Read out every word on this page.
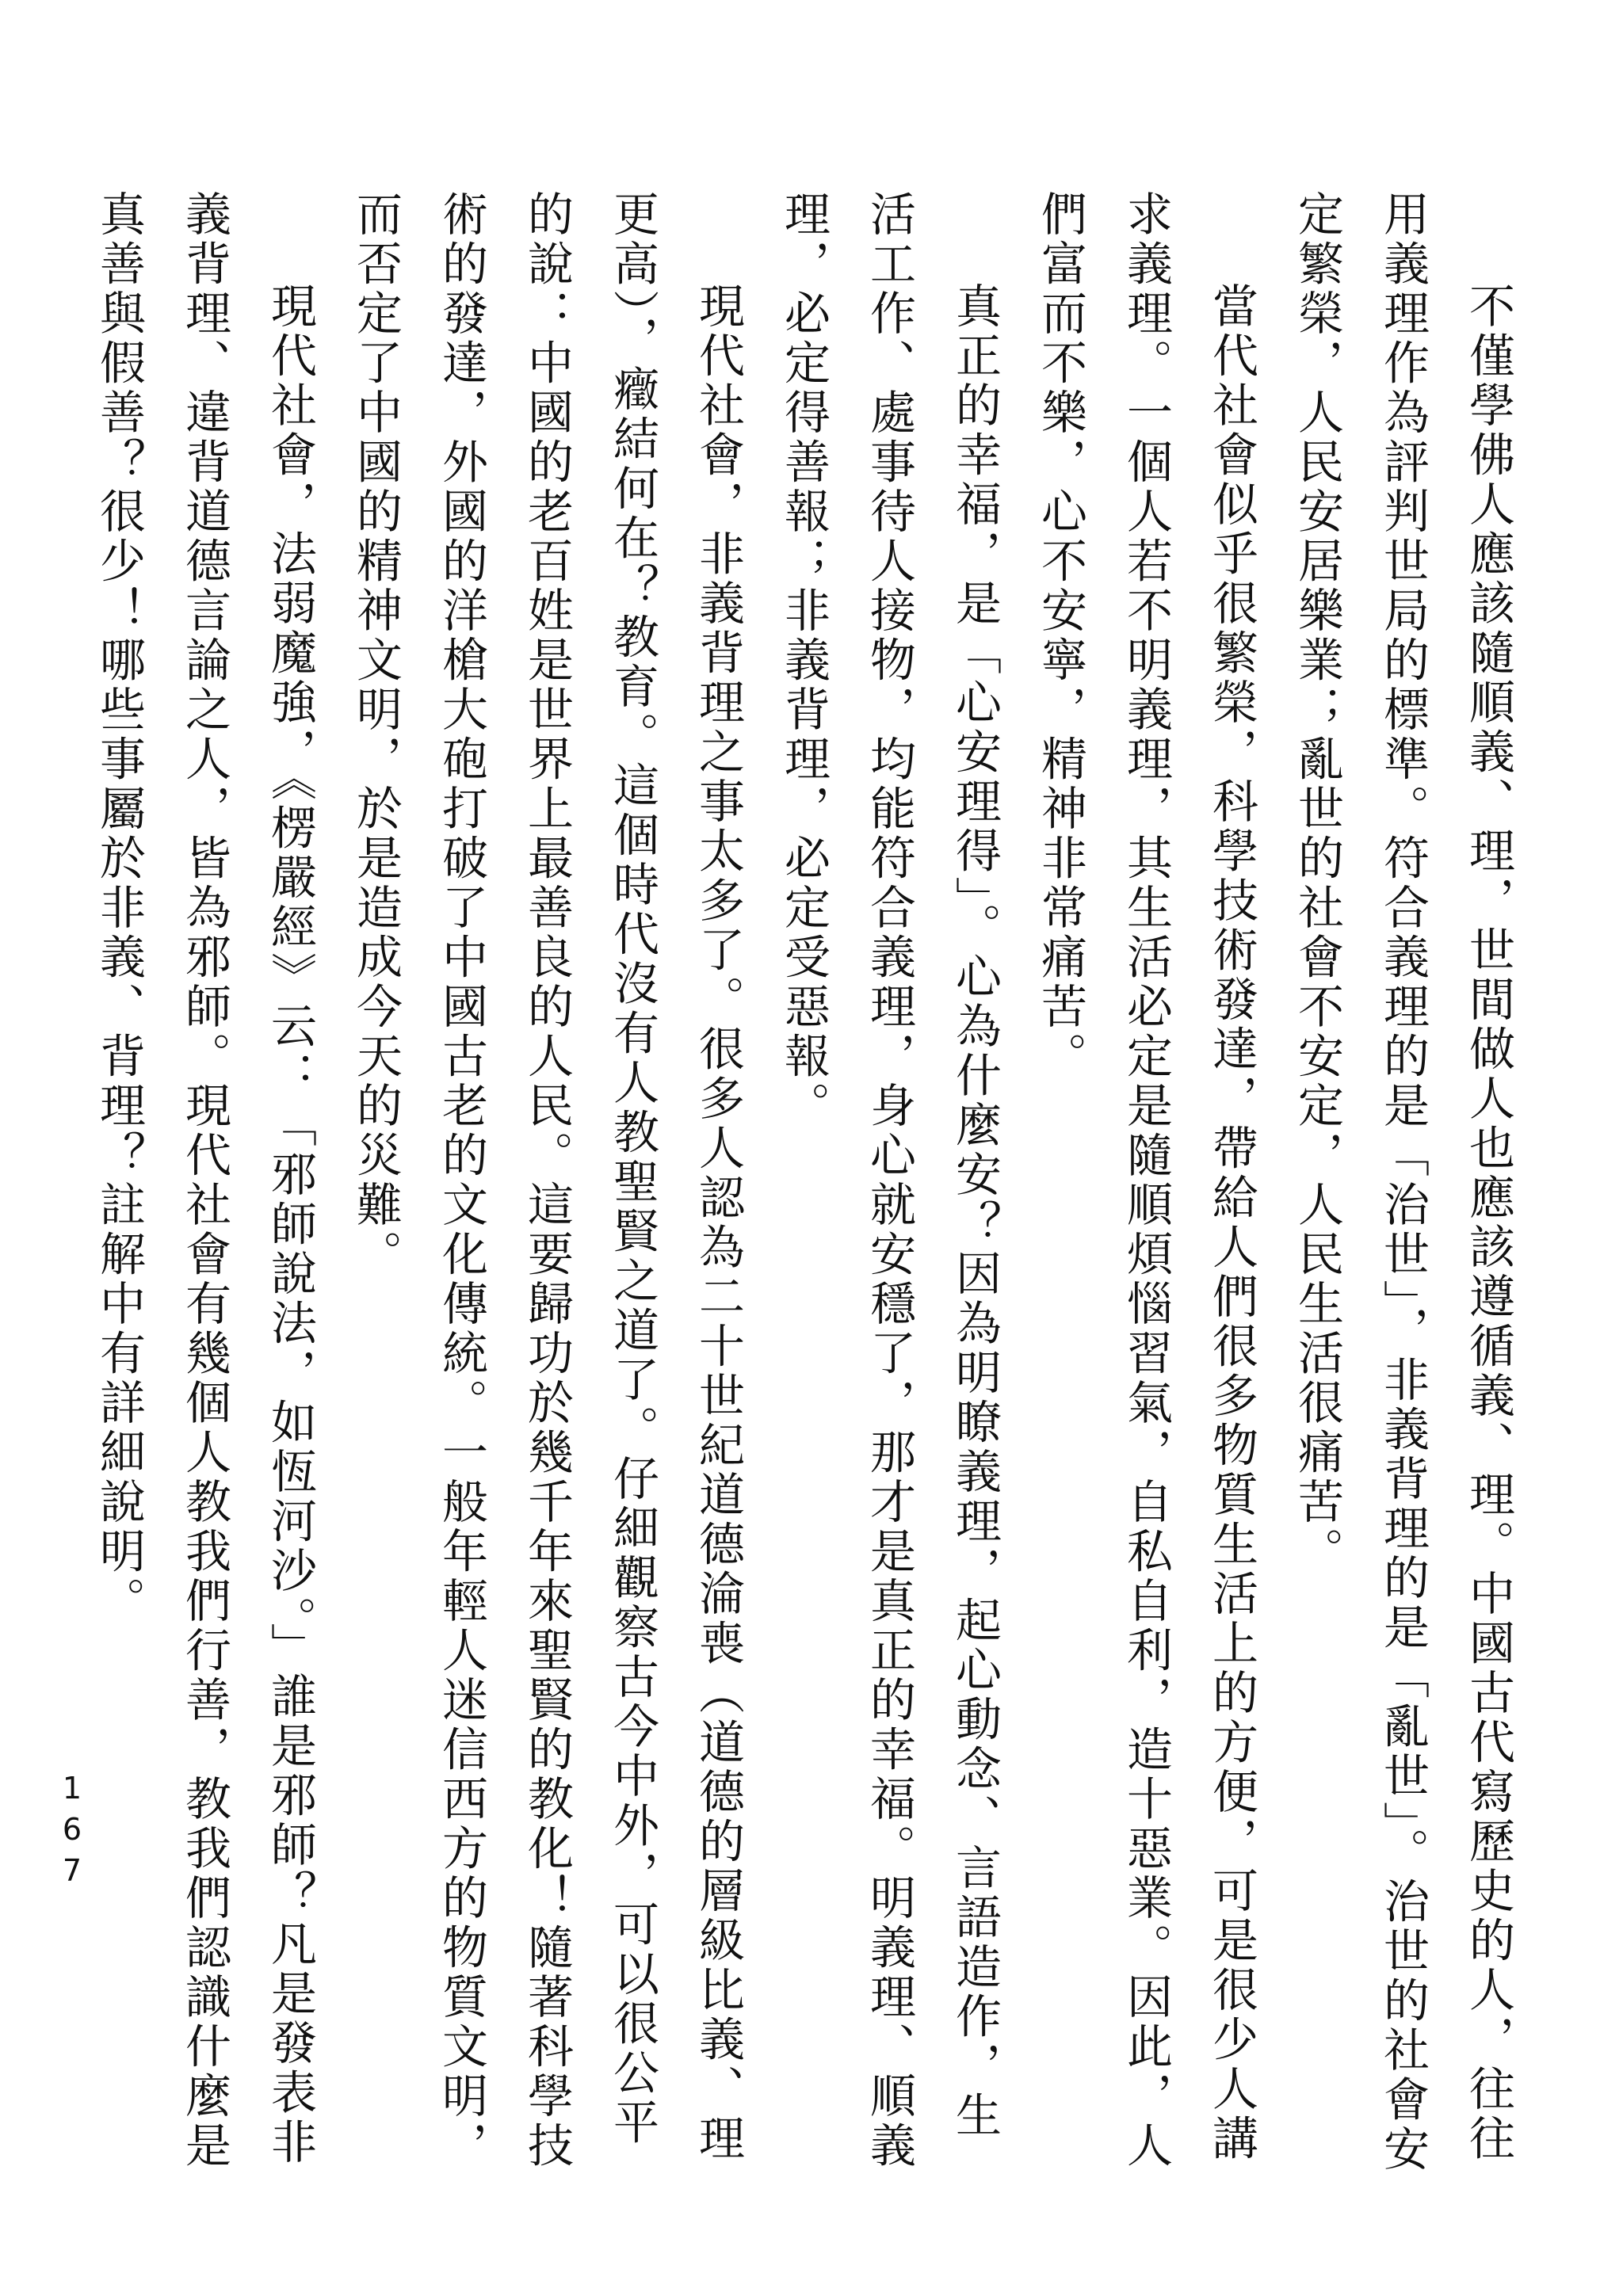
不僅學佛人應該隨順義、理，世間做人也應該遵循義、理。中國古代寫歷史的人，往往用義理作為評判世局的標準。符合義理的是「治世」，非義背理的是「亂世」。治世的社會安定繁榮，人民安居樂業；亂世的社會不安定，人民生活很痛苦。

當代社會似乎很繁榮，科學技術發達，帶給人們很多物質生活上的方便，可是很少人講求義理。一個人若不明義理，其生活必定是隨順煩惱習氣，自私自利，造十惡業。因此，人們富而不樂，心不安寧，精神非常痛苦。

真正的幸福，是「心安理得」。心為什麼安？因為明瞭義理，起心動念、言語造作，生活工作、處事待人接物，均能符合義理，身心就安穩了，那才是真正的幸福。明義理、順義理，必定得善報；非義背理，必定受惡報。

現代社會，非義背理之事太多了。很多人認為二十世紀道德淪喪（道德的層級比義、理更高），癥結何在？教育。這個時代沒有人教聖賢之道了。仔細觀察古今中外，可以很公平的說：中國的老百姓是世界上最善良的人民。這要歸功於幾千年來聖賢的教化！隨著科學技術的發達，外國的洋槍大砲打破了中國古老的文化傳統。一般年輕人迷信西方的物質文明，而否定了中國的精神文明，於是造成今天的災難。

現代社會，法弱魔強，《楞嚴經》云：「邪師說法，如恆河沙。」誰是邪師？凡是發表非義背理、違背道德言論之人，皆為邪師。現代社會有幾個人教我們行善，教我們認識什麼是真善與假善？很少！哪些事屬於非義、背理？註解中有詳細說明。

167
